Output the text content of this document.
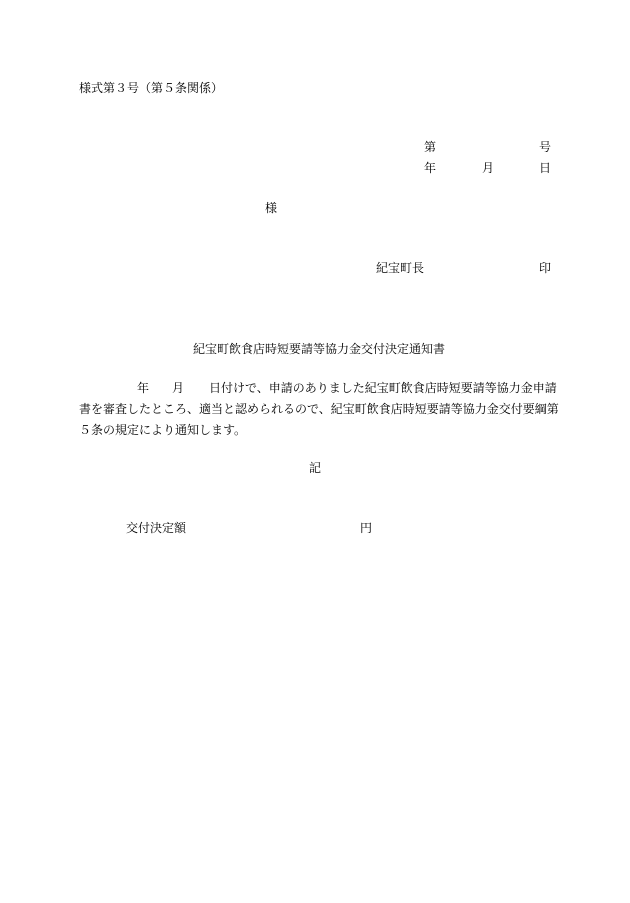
様式第３号（第５条関係）
第	号
年	月	日
様
紀宝町長	印
紀宝町飲食店時短要請等協力金交付決定通知書
年 月 日付けで、申請のありました紀宝町飲食店時短要請等協力金申請
書を審査したところ、適当と認められるので、紀宝町飲食店時短要請等協力金交付要綱第
５条の規定により通知します。
記
交付決定額	円
